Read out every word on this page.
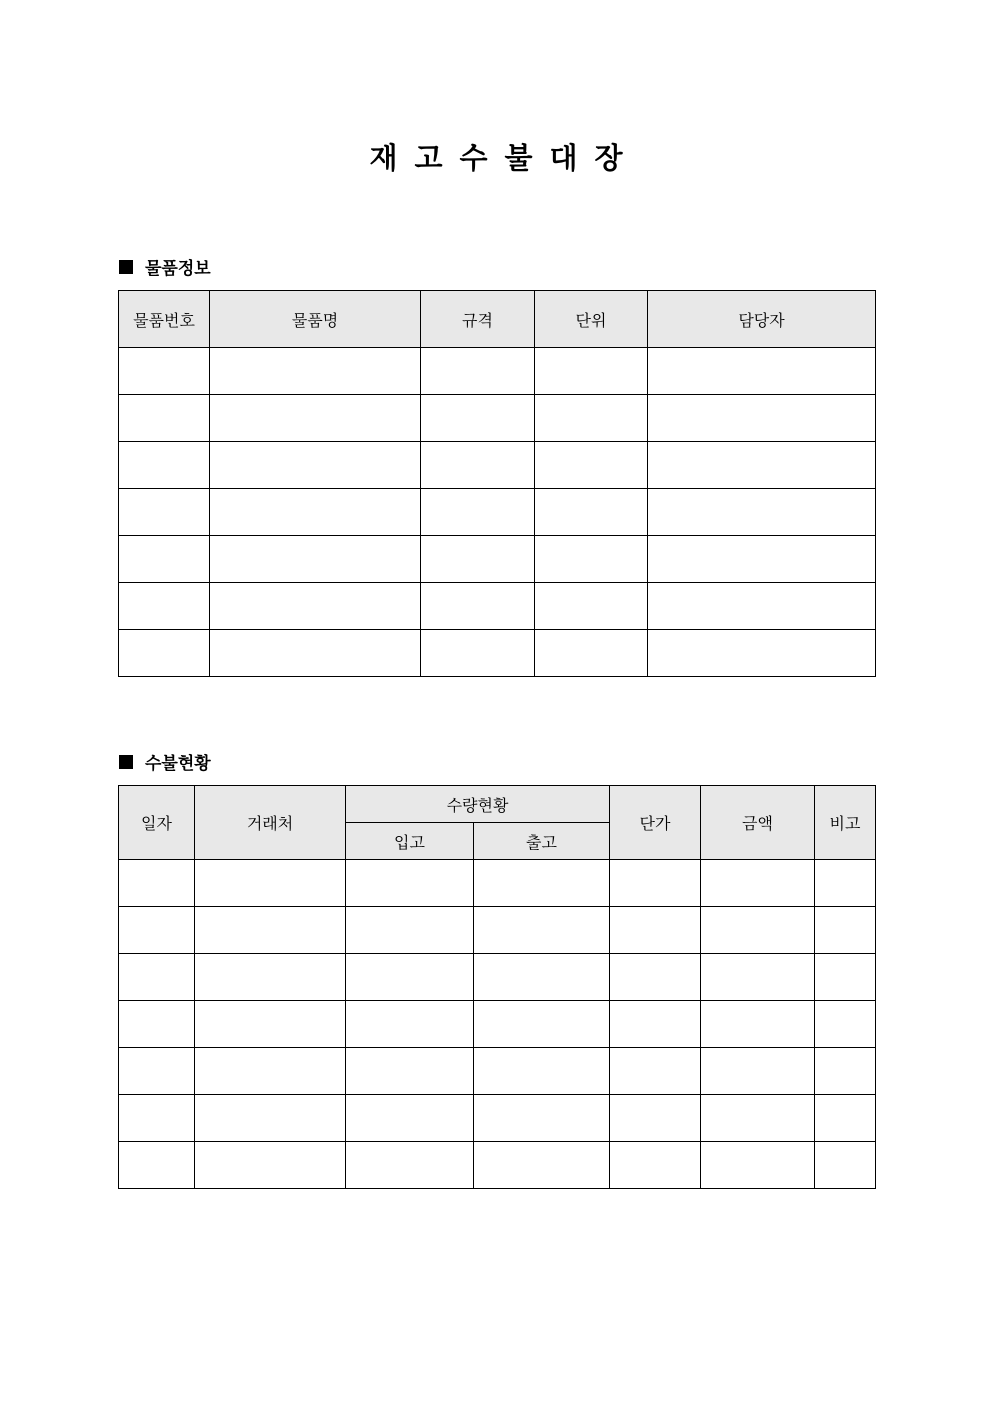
재고수불대장
물품정보
물품번호	물품명	규격	단위	담당자

수불현황
일자	거래처	수량현황		단가	금액	비고
		입고	출고			
